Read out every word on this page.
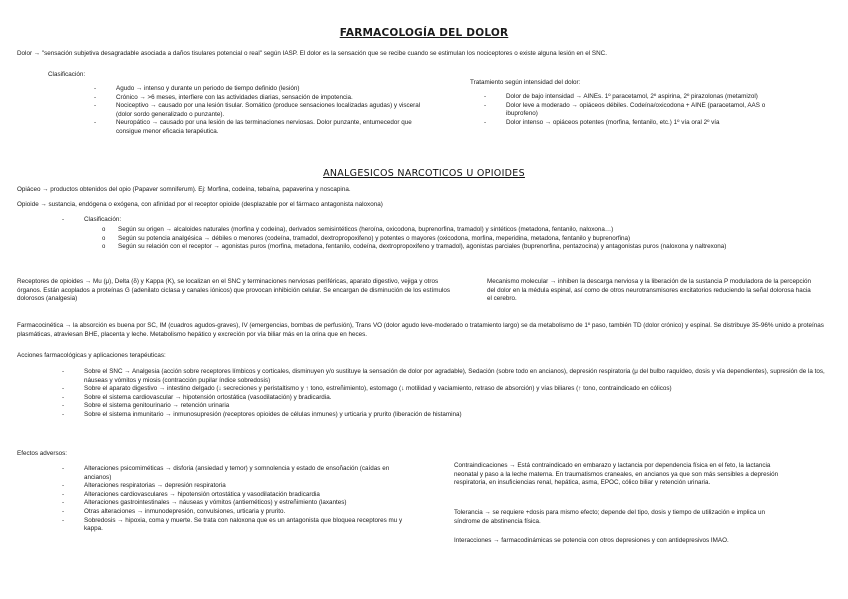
FARMACOLOGÍA DEL DOLOR

Dolor → "sensación subjetiva desagradable asociada a daños tisulares potencial o real" según IASP. El dolor es la sensación que se recibe cuando se estimulan los nociceptores o existe alguna lesión en el SNC.

Clasificación:

- Agudo → intenso y durante un periodo de tiempo definido (lesión)
- Crónico → >6 meses, interfiere con las actividades diarias, sensación de impotencia.
- Nociceptivo → causado por una lesión tisular. Somático (produce sensaciones localizadas agudas) y visceral (dolor sordo generalizado o punzante).
- Neuropático → causado por una lesión de las terminaciones nerviosas. Dolor punzante, entumecedor que consigue menor eficacia terapéutica.

Tratamiento según intensidad del dolor:

- Dolor de bajo intensidad → AINEs. 1º paracetamol, 2º aspirina, 2º pirazolonas (metamizol)
- Dolor leve a moderado → opiáceos débiles. Codeína/oxicodona + AINE (paracetamol, AAS o ibuprofeno)
- Dolor intenso → opiáceos potentes (morfina, fentanilo, etc.) 1º vía oral 2º vía
ANALGESICOS NARCOTICOS U OPIOIDES

Opiáceo → productos obtenidos del opio (Papaver somniferum). Ej: Morfina, codeína, tebaína, papaverina y noscapina.

Opioide → sustancia, endógena o exógena, con afinidad por el receptor opioide (desplazable por el fármaco antagonista naloxona)

- Clasificación:
o Según su origen → alcaloides naturales (morfina y codeína), derivados semisintéticos (heroína, oxicodona, buprenorfina, tramadol) y sintéticos (metadona, fentanilo, naloxona…)
o Según su potencia analgésica → débiles o menores (codeína, tramadol, dextropropoxifeno) y potentes o mayores (oxicodona, morfina, meperidina, metadona, fentanilo y buprenorfina)
o Según su relación con el receptor → agonistas puros (morfina, metadona, fentanilo, codeína, dextropropoxifeno y tramadol), agonistas parciales (buprenorfina, pentazocina) y antagonistas puros (naloxona y naltrexona)

Receptores de opioides → Mu (μ), Delta (δ) y Kappa (K), se localizan en el SNC y terminaciones nerviosas periféricas, aparato digestivo, vejiga y otros órganos. Están acoplados a proteínas G (adenilato ciclasa y canales iónicos) que provocan inhibición celular. Se encargan de disminución de los estímulos dolorosos (analgesia)

Mecanismo molecular → inhiben la descarga nerviosa y la liberación de la sustancia P moduladora de la percepción del dolor en la médula espinal, así como de otros neurotransmisores excitatorios reduciendo la señal dolorosa hacia el cerebro.

Farmacocinética → la absorción es buena por SC, IM (cuadros agudos-graves), IV (emergencias, bombas de perfusión), Trans VO (dolor agudo leve-moderado o tratamiento largo) se da metabolismo de 1º paso, también TD (dolor crónico) y espinal. Se distribuye 35-96% unido a proteínas plasmáticas, atraviesan BHE, placenta y leche. Metabolismo hepático y excreción por vía biliar más en la orina que en heces.

Acciones farmacológicas y aplicaciones terapéuticas:

- Sobre el SNC → Analgesia (acción sobre receptores límbicos y corticales, disminuyen y/o sustituye la sensación de dolor por agradable), Sedación (sobre todo en ancianos), depresión respiratoria (μ del bulbo raquídeo, dosis y vía dependientes), supresión de la tos, náuseas y vómitos y miosis (contracción pupilar índice sobredosis)
- Sobre el aparato digestivo → intestino delgado (↓ secreciones y peristaltismo y ↑ tono, estreñimiento), estomago (↓ motilidad y vaciamiento, retraso de absorción) y vías biliares (↑ tono, contraindicado en cólicos)
- Sobre el sistema cardiovascular → hipotensión ortostática (vasodilatación) y bradicardia.
- Sobre el sistema genitourinario → retención urinaria
- Sobre el sistema inmunitario → inmunosupresión (receptores opioides de células inmunes) y urticaria y prurito (liberación de histamina)

Efectos adversos:

- Alteraciones psicomiméticas → disforia (ansiedad y temor) y somnolencia y estado de ensoñación (caídas en ancianos)
- Alteraciones respiratorias → depresión respiratoria
- Alteraciones cardiovasculares → hipotensión ortostática y vasodilatación bradicardia
- Alteraciones gastrointestinales → náuseas y vómitos (antieméticos) y estreñimiento (laxantes)
- Otras alteraciones → inmunodepresión, convulsiones, urticaria y prurito.
- Sobredosis → hipoxia, coma y muerte. Se trata con naloxona que es un antagonista que bloquea receptores mu y kappa.

Contraindicaciones → Está contraindicado en embarazo y lactancia por dependencia física en el feto, la lactancia neonatal y paso a la leche materna. En traumatismos craneales, en ancianos ya que son más sensibles a depresión respiratoria, en insuficiencias renal, hepática, asma, EPOC, cólico biliar y retención urinaria.

Tolerancia → se requiere +dosis para mismo efecto; depende del tipo, dosis y tiempo de utilización e implica un síndrome de abstinencia física.

Interacciones → farmacodinámicas se potencia con otros depresiones y con antidepresivos IMAO.
